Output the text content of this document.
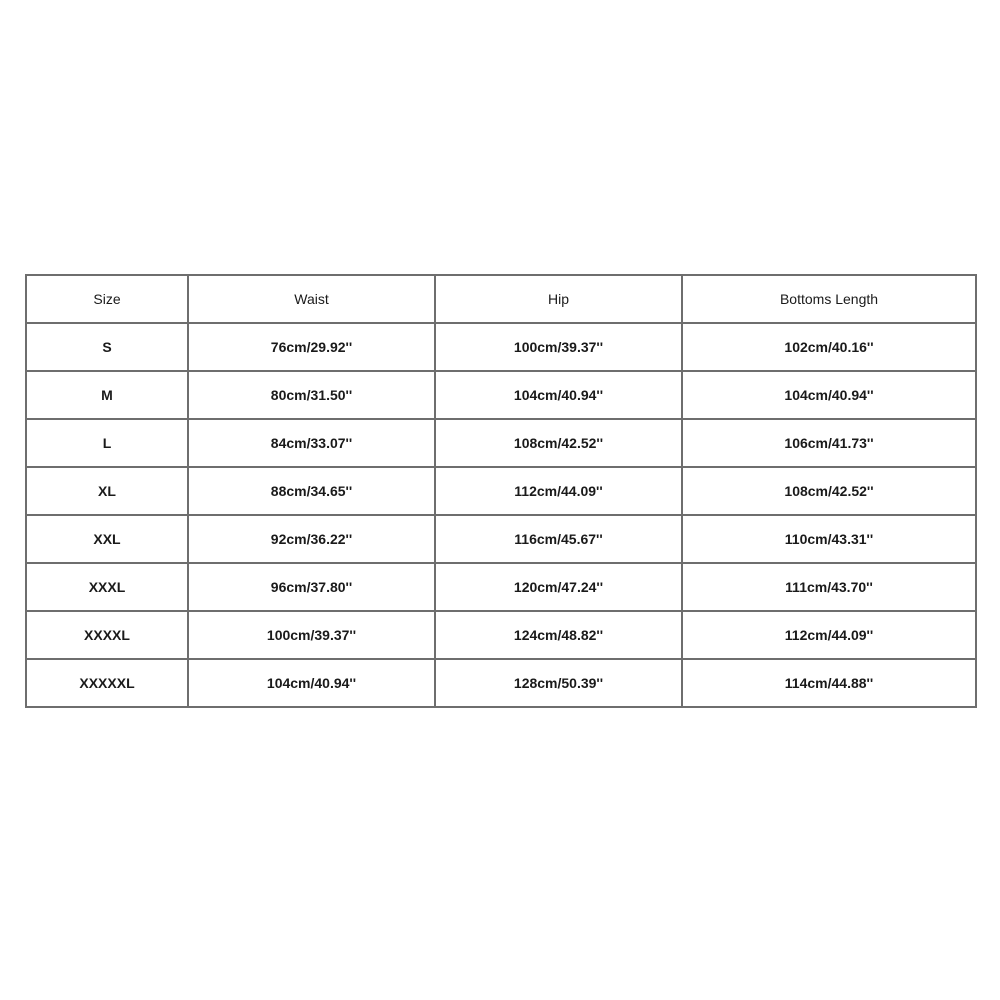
Size	Waist	Hip	Bottoms Length
S	76cm/29.92''	100cm/39.37''	102cm/40.16''
M	80cm/31.50''	104cm/40.94''	104cm/40.94''
L	84cm/33.07''	108cm/42.52''	106cm/41.73''
XL	88cm/34.65''	112cm/44.09''	108cm/42.52''
XXL	92cm/36.22''	116cm/45.67''	110cm/43.31''
XXXL	96cm/37.80''	120cm/47.24''	111cm/43.70''
XXXXL	100cm/39.37''	124cm/48.82''	112cm/44.09''
XXXXXL	104cm/40.94''	128cm/50.39''	114cm/44.88''
